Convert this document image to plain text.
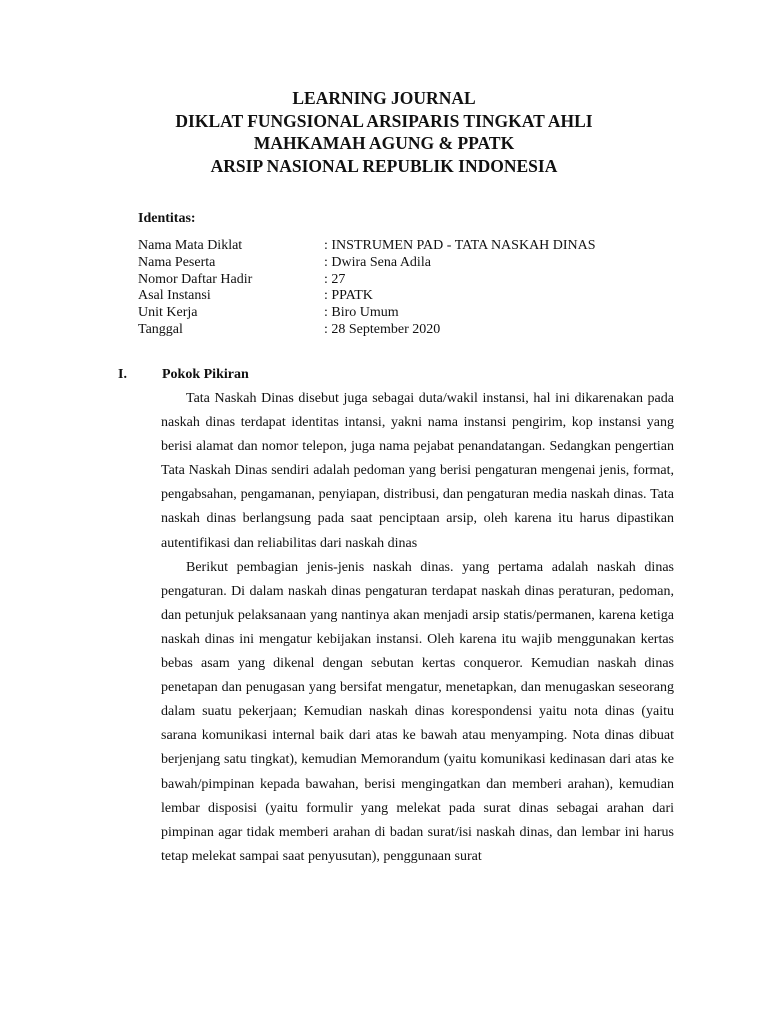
LEARNING JOURNAL
DIKLAT FUNGSIONAL ARSIPARIS TINGKAT AHLI
MAHKAMAH AGUNG & PPATK
ARSIP NASIONAL REPUBLIK INDONESIA
Identitas:
Nama Mata Diklat	: INSTRUMEN PAD - TATA NASKAH DINAS
Nama Peserta	: Dwira Sena Adila
Nomor Daftar Hadir	: 27
Asal Instansi	: PPATK
Unit Kerja	: Biro Umum
Tanggal	: 28 September 2020
I.	Pokok Pikiran

Tata Naskah Dinas disebut juga sebagai duta/wakil instansi, hal ini dikarenakan pada naskah dinas terdapat identitas intansi, yakni nama instansi pengirim, kop instansi yang berisi alamat dan nomor telepon, juga nama pejabat penandatangan. Sedangkan pengertian Tata Naskah Dinas sendiri adalah pedoman yang berisi pengaturan mengenai jenis, format, pengabsahan, pengamanan, penyiapan, distribusi, dan pengaturan media naskah dinas. Tata naskah dinas berlangsung pada saat penciptaan arsip, oleh karena itu harus dipastikan autentifikasi dan reliabilitas dari naskah dinas

Berikut pembagian jenis-jenis naskah dinas. yang pertama adalah naskah dinas pengaturan. Di dalam naskah dinas pengaturan terdapat naskah dinas peraturan, pedoman, dan petunjuk pelaksanaan yang nantinya akan menjadi arsip statis/permanen, karena ketiga naskah dinas ini mengatur kebijakan instansi. Oleh karena itu wajib menggunakan kertas bebas asam yang dikenal dengan sebutan kertas conqueror. Kemudian naskah dinas penetapan dan penugasan yang bersifat mengatur, menetapkan, dan menugaskan seseorang dalam suatu pekerjaan; Kemudian naskah dinas korespondensi yaitu nota dinas (yaitu sarana komunikasi internal baik dari atas ke bawah atau menyamping. Nota dinas dibuat berjenjang satu tingkat), kemudian Memorandum (yaitu komunikasi kedinasan dari atas ke bawah/pimpinan kepada bawahan, berisi mengingatkan dan memberi arahan), kemudian lembar disposisi (yaitu formulir yang melekat pada surat dinas sebagai arahan dari pimpinan agar tidak memberi arahan di badan surat/isi naskah dinas, dan lembar ini harus tetap melekat sampai saat penyusutan), penggunaan surat
